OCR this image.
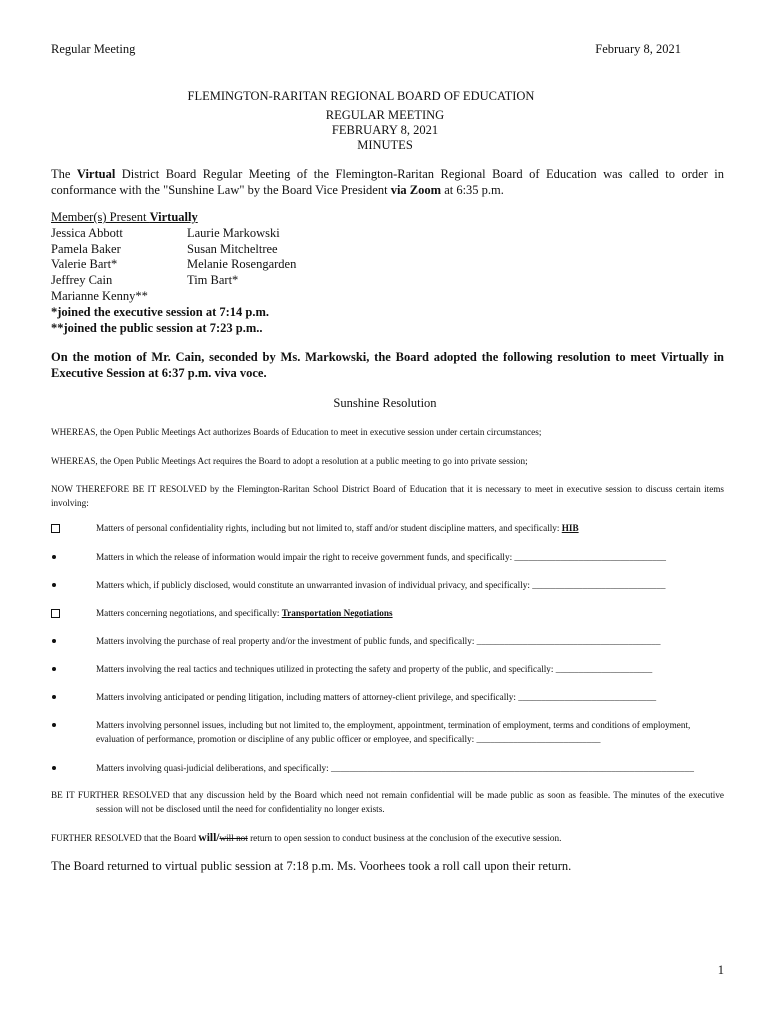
Regular Meeting	February 8, 2021
FLEMINGTON-RARITAN REGIONAL BOARD OF EDUCATION
REGULAR MEETING
FEBRUARY 8, 2021
MINUTES
The Virtual District Board Regular Meeting of the Flemington-Raritan Regional Board of Education was called to order in conformance with the "Sunshine Law" by the Board Vice President via Zoom at 6:35 p.m.
Member(s) Present Virtually
Jessica Abbott	Laurie Markowski
Pamela Baker	Susan Mitcheltree
Valerie Bart*	Melanie Rosengarden
Jeffrey Cain	Tim Bart*
Marianne Kenny**
*joined the executive session at 7:14 p.m.
**joined the public session at 7:23 p.m..
On the motion of Mr. Cain, seconded by Ms. Markowski, the Board adopted the following resolution to meet Virtually in Executive Session at 6:37 p.m. viva voce.
Sunshine Resolution
WHEREAS, the Open Public Meetings Act authorizes Boards of Education to meet in executive session under certain circumstances;
WHEREAS, the Open Public Meetings Act requires the Board to adopt a resolution at a public meeting to go into private session;
NOW THEREFORE BE IT RESOLVED by the Flemington-Raritan School District Board of Education that it is necessary to meet in executive session to discuss certain items involving:
Matters of personal confidentiality rights, including but not limited to, staff and/or student discipline matters, and specifically: HIB
Matters in which the release of information would impair the right to receive government funds, and specifically: _________________________________
Matters which, if publicly disclosed, would constitute an unwarranted invasion of individual privacy, and specifically: _____________________________
Matters concerning negotiations, and specifically: Transportation Negotiations
Matters involving the purchase of real property and/or the investment of public funds, and specifically: ________________________________________
Matters involving the real tactics and techniques utilized in protecting the safety and property of the public, and specifically: _____________________
Matters involving anticipated or pending litigation, including matters of attorney-client privilege, and specifically: ______________________________
Matters involving personnel issues, including but not limited to, the employment, appointment, termination of employment, terms and conditions of employment, evaluation of performance, promotion or discipline of any public officer or employee, and specifically: ___________________________
Matters involving quasi-judicial deliberations, and specifically: _______________________________________________________________________________
BE IT FURTHER RESOLVED that any discussion held by the Board which need not remain confidential will be made public as soon as feasible. The minutes of the executive session will not be disclosed until the need for confidentiality no longer exists.
FURTHER RESOLVED that the Board will/will not return to open session to conduct business at the conclusion of the executive session.
The Board returned to virtual public session at 7:18 p.m. Ms. Voorhees took a roll call upon their return.
1
